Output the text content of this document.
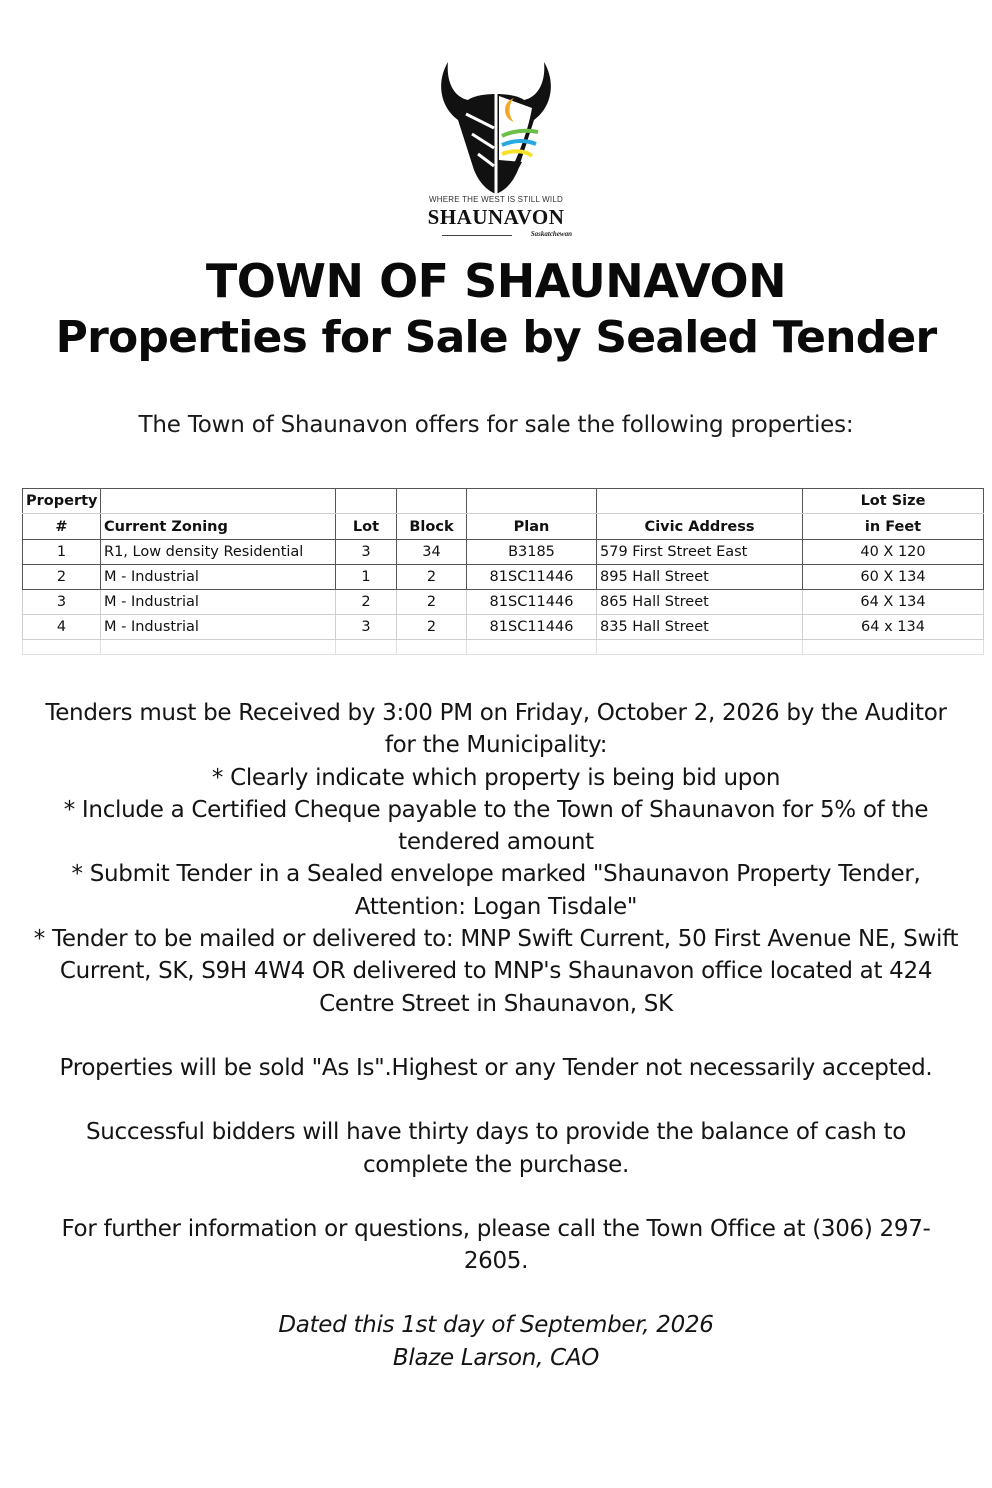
WHERE THE WEST IS STILL WILD
SHAUNAVON
Saskatchewan
TOWN OF SHAUNAVON
Properties for Sale by Sealed Tender
The Town of Shaunavon offers for sale the following properties:
Property						Lot Size
#	Current Zoning	Lot	Block	Plan	Civic Address	in Feet
1	R1, Low density Residential	3	34	B3185	579 First Street East	40 X 120
2	M - Industrial	1	2	81SC11446	895 Hall Street	60 X 134
3	M - Industrial	2	2	81SC11446	865 Hall Street	64 X 134
4	M - Industrial	3	2	81SC11446	835 Hall Street	64 x 134

Tenders must be Received by 3:00 PM on Friday, October 2, 2026 by the Auditor for the Municipality:

* Clearly indicate which property is being bid upon

* Include a Certified Cheque payable to the Town of Shaunavon for 5% of the tendered amount

* Submit Tender in a Sealed envelope marked "Shaunavon Property Tender, Attention: Logan Tisdale"

* Tender to be mailed or delivered to: MNP Swift Current, 50 First Avenue NE, Swift Current, SK, S9H 4W4 OR delivered to MNP's Shaunavon office located at 424 Centre Street in Shaunavon, SK

Properties will be sold "As Is".Highest or any Tender not necessarily accepted.

Successful bidders will have thirty days to provide the balance of cash to complete the purchase.

For further information or questions, please call the Town Office at (306) 297-2605.

Dated this 1st day of September, 2026

Blaze Larson, CAO
